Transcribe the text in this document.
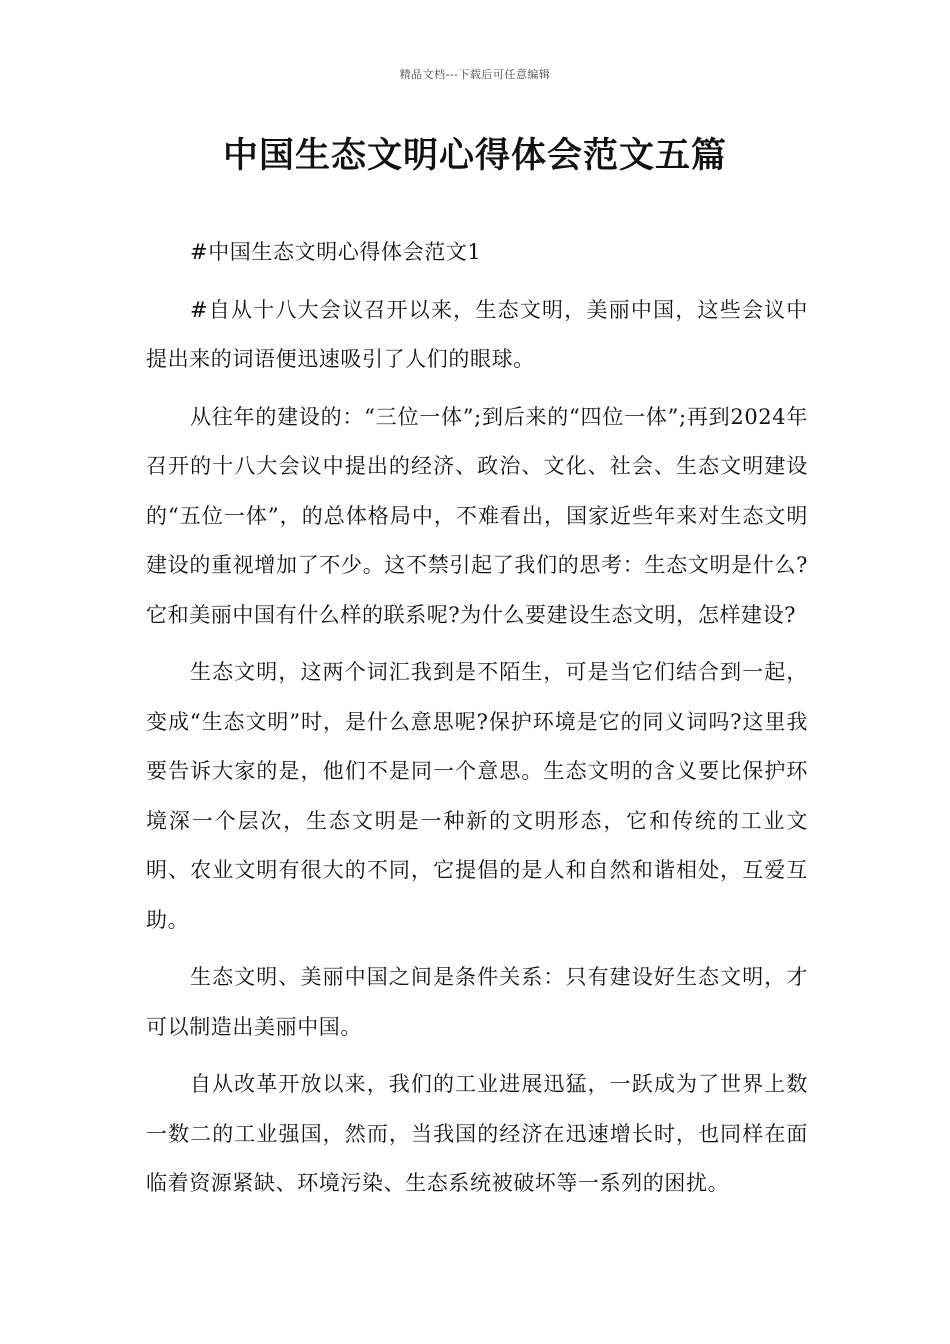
精品文档---下载后可任意编辑
中国生态文明心得体会范文五篇

#中国生态文明心得体会范文1

#自从十八大会议召开以来，生态文明，美丽中国，这些会议中提出来的词语便迅速吸引了人们的眼球。

从往年的建设的：“三位一体”;到后来的“四位一体”;再到2024年召开的十八大会议中提出的经济、政治、文化、社会、生态文明建设的“五位一体”，的总体格局中，不难看出，国家近些年来对生态文明建设的重视增加了不少。这不禁引起了我们的思考：生态文明是什么?它和美丽中国有什么样的联系呢?为什么要建设生态文明，怎样建设?

生态文明，这两个词汇我到是不陌生，可是当它们结合到一起，变成“生态文明”时，是什么意思呢?保护环境是它的同义词吗?这里我要告诉大家的是，他们不是同一个意思。生态文明的含义要比保护环境深一个层次，生态文明是一种新的文明形态，它和传统的工业文明、农业文明有很大的不同，它提倡的是人和自然和谐相处，互爱互助。

生态文明、美丽中国之间是条件关系：只有建设好生态文明，才可以制造出美丽中国。

自从改革开放以来，我们的工业进展迅猛，一跃成为了世界上数一数二的工业强国，然而，当我国的经济在迅速增长时，也同样在面临着资源紧缺、环境污染、生态系统被破坏等一系列的困扰。
